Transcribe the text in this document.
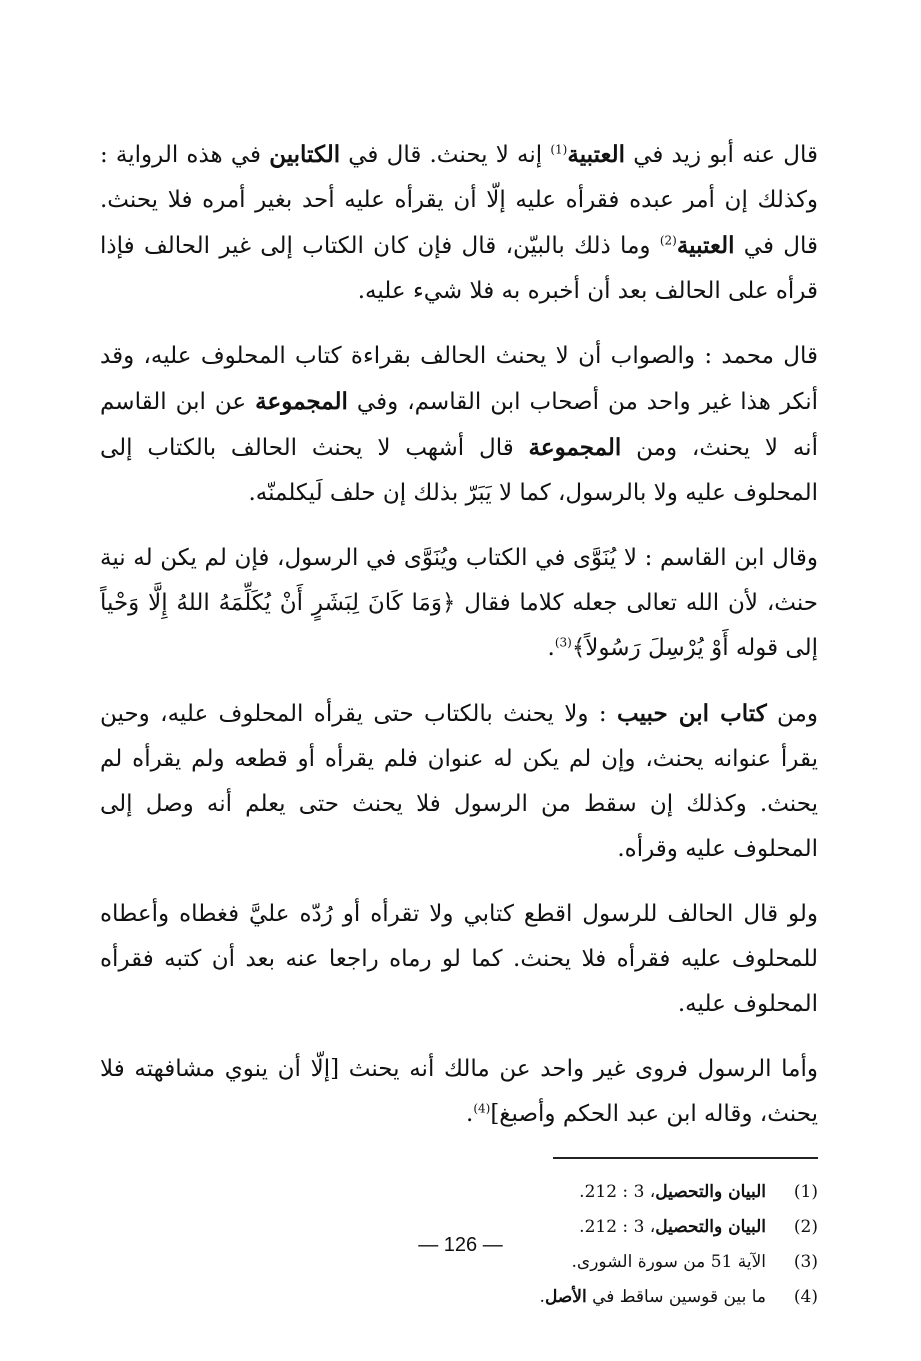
قال عنه أبو زيد في العتبية$^{(1)}$ إنه لا يحنث. قال في الكتابين في هذه الرواية : وكذلك إن أمر عبده فقرأه عليه إلّا أن يقرأه عليه أحد بغير أمره فلا يحنث. قال في العتبية$^{(2)}$ وما ذلك بالبيّن، قال فإن كان الكتاب إلى غير الحالف فإذا قرأه على الحالف بعد أن أخبره به فلا شيء عليه.

قال محمد : والصواب أن لا يحنث الحالف بقراءة كتاب المحلوف عليه، وقد أنكر هذا غير واحد من أصحاب ابن القاسم، وفي المجموعة عن ابن القاسم أنه لا يحنث، ومن المجموعة قال أشهب لا يحنث الحالف بالكتاب إلى المحلوف عليه ولا بالرسول، كما لا يَبَرّ بذلك إن حلف لَيكلمنّه.

وقال ابن القاسم : لا يُنَوَّى في الكتاب ويُنَوَّى في الرسول، فإن لم يكن له نية حنث، لأن الله تعالى جعله كلاما فقال ﴿وَمَا كَانَ لِبَشَرٍ أَنْ يُكَلِّمَهُ اللهُ إِلَّا وَحْياً إلى قوله أَوْ يُرْسِلَ رَسُولاً﴾$^{(3)}$.

ومن كتاب ابن حبيب : ولا يحنث بالكتاب حتى يقرأه المحلوف عليه، وحين يقرأ عنوانه يحنث، وإن لم يكن له عنوان فلم يقرأه أو قطعه ولم يقرأه لم يحنث. وكذلك إن سقط من الرسول فلا يحنث حتى يعلم أنه وصل إلى المحلوف عليه وقرأه.

ولو قال الحالف للرسول اقطع كتابي ولا تقرأه أو رُدّه عليَّ فغطاه وأعطاه للمحلوف عليه فقرأه فلا يحنث. كما لو رماه راجعا عنه بعد أن كتبه فقرأه المحلوف عليه.

وأما الرسول فروى غير واحد عن مالك أنه يحنث [إلّا أن ينوي مشافهته فلا يحنث، وقاله ابن عبد الحكم وأصبغ]$^{(4)}$.

(1)
البيان والتحصيل، 3 : 212.
(2)
البيان والتحصيل، 3 : 212.
(3)
الآية 51 من سورة الشورى.
(4)
ما بين قوسين ساقط في الأصل.
— 126 —
